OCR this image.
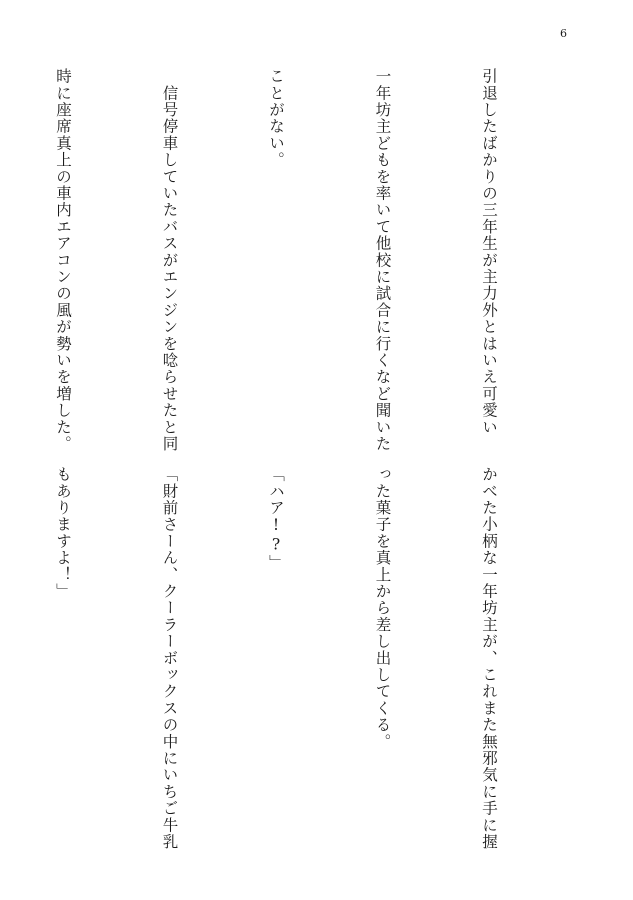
6

引退したばかりの三年生が主力外とはいえ可愛い

一年坊主どもを率いて他校に試合に行くなど聞いた

ことがない。

　信号停車していたバスがエンジンを唸らせたと同

時に座席真上の車内エアコンの風が勢いを増した。

かべた小柄な一年坊主が、これまた無邪気に手に握

った菓子を真上から差し出してくる。

「ハア!?」

「財前さーん、クーラーボックスの中にいちご牛乳

もありますよ！」
